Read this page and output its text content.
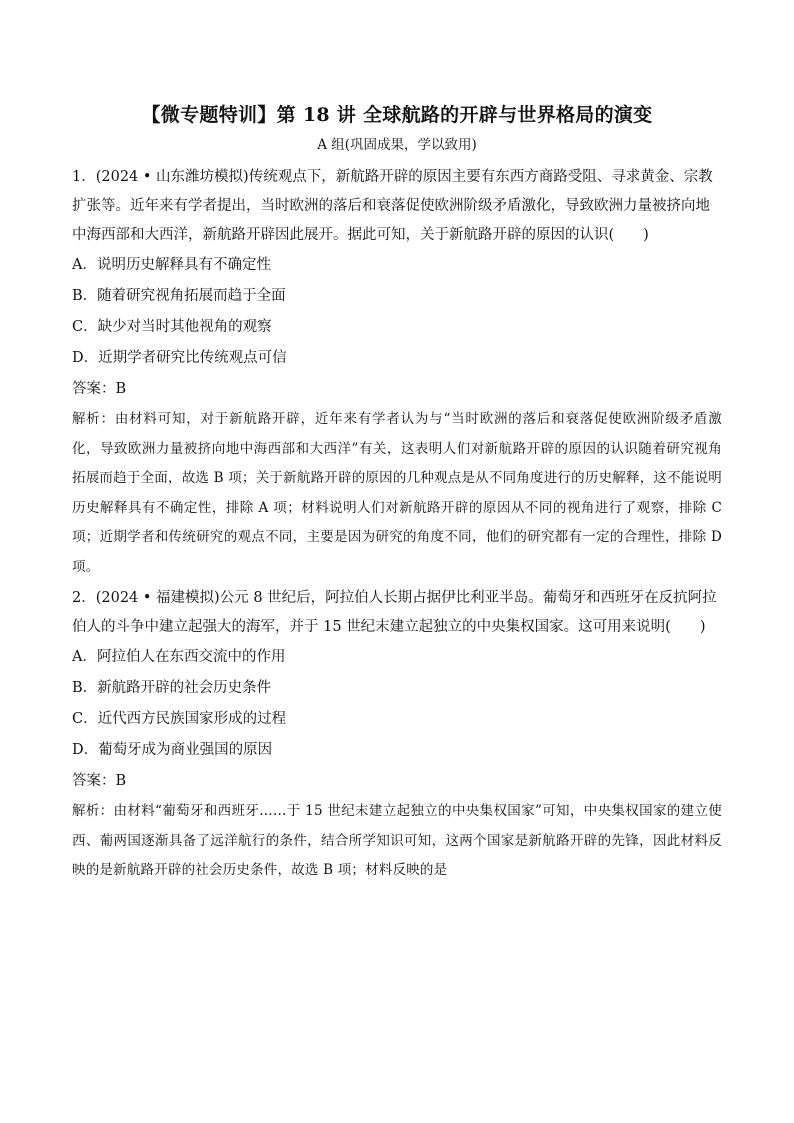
【微专题特训】第 18 讲 全球航路的开辟与世界格局的演变
A 组(巩固成果，学以致用)

1．(2024 • 山东潍坊模拟)传统观点下，新航路开辟的原因主要有东西方商路受阻、寻求黄金、宗教扩张等。近年来有学者提出，当时欧洲的落后和衰落促使欧洲阶级矛盾激化，导致欧洲力量被挤向地中海西部和大西洋，新航路开辟因此展开。据此可知，关于新航路开辟的原因的认识(　　)

A．说明历史解释具有不确定性

B．随着研究视角拓展而趋于全面

C．缺少对当时其他视角的观察

D．近期学者研究比传统观点可信

答案：B

解析：由材料可知，对于新航路开辟，近年来有学者认为与“当时欧洲的落后和衰落促使欧洲阶级矛盾激化，导致欧洲力量被挤向地中海西部和大西洋”有关，这表明人们对新航路开辟的原因的认识随着研究视角拓展而趋于全面，故选 B 项；关于新航路开辟的原因的几种观点是从不同角度进行的历史解释，这不能说明历史解释具有不确定性，排除 A 项；材料说明人们对新航路开辟的原因从不同的视角进行了观察，排除 C 项；近期学者和传统研究的观点不同，主要是因为研究的角度不同，他们的研究都有一定的合理性，排除 D 项。

2．(2024 • 福建模拟)公元 8 世纪后，阿拉伯人长期占据伊比利亚半岛。葡萄牙和西班牙在反抗阿拉伯人的斗争中建立起强大的海军，并于 15 世纪末建立起独立的中央集权国家。这可用来说明(　　)

A．阿拉伯人在东西交流中的作用

B．新航路开辟的社会历史条件

C．近代西方民族国家形成的过程

D．葡萄牙成为商业强国的原因

答案：B

解析：由材料“葡萄牙和西班牙……于 15 世纪末建立起独立的中央集权国家”可知，中央集权国家的建立使西、葡两国逐渐具备了远洋航行的条件，结合所学知识可知，这两个国家是新航路开辟的先锋，因此材料反映的是新航路开辟的社会历史条件，故选 B 项；材料反映的是
